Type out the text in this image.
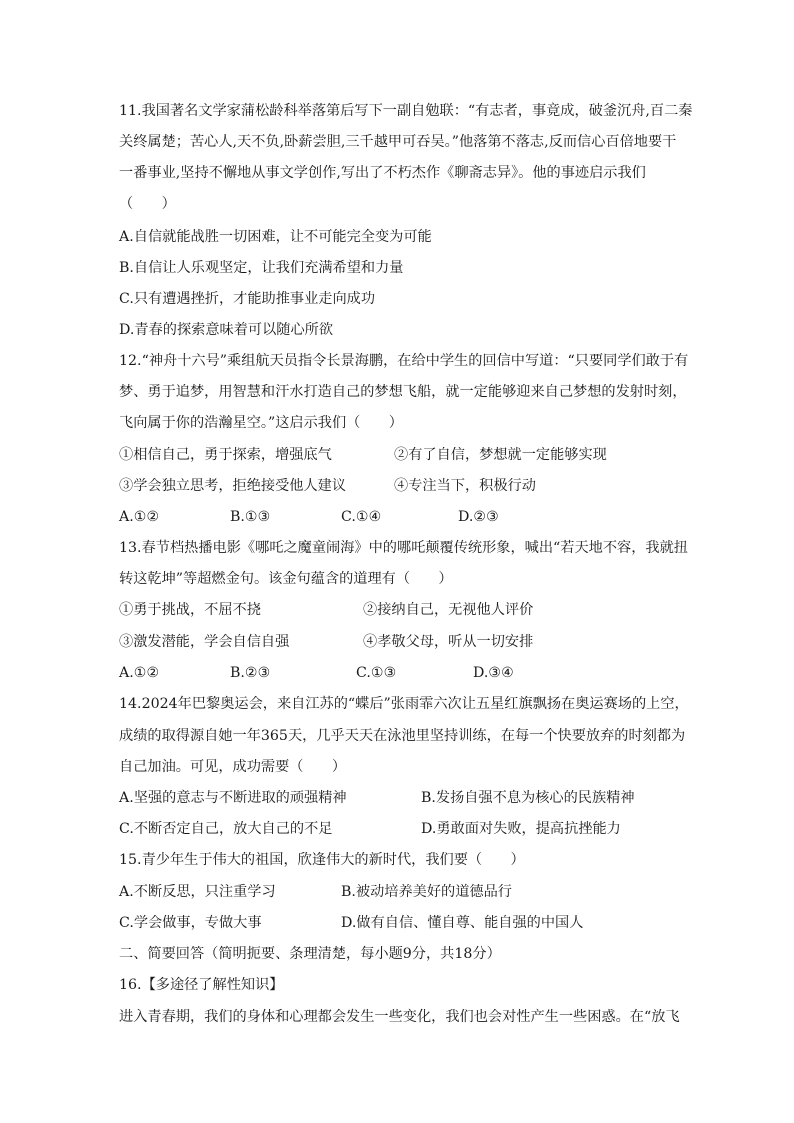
11.我国著名文学家蒲松龄科举落第后写下一副自勉联：“有志者，事竟成，破釜沉舟,百二秦
关终属楚；苦心人,天不负,卧薪尝胆,三千越甲可吞吴。”他落第不落志,反而信心百倍地要干
一番事业,坚持不懈地从事文学创作,写出了不朽杰作《聊斋志异》。他的事迹启示我们
（　　）
A.自信就能战胜一切困难，让不可能完全变为可能
B.自信让人乐观坚定，让我们充满希望和力量
C.只有遭遇挫折，才能助推事业走向成功
D.青春的探索意味着可以随心所欲
12.“神舟十六号”乘组航天员指令长景海鹏，在给中学生的回信中写道：“只要同学们敢于有
梦、勇于追梦，用智慧和汗水打造自己的梦想飞船，就一定能够迎来自己梦想的发射时刻，
飞向属于你的浩瀚星空。”这启示我们（　　）
①相信自己，勇于探索，增强底气	②有了自信，梦想就一定能够实现
③学会独立思考，拒绝接受他人建议	④专注当下，积极行动
A.①②	B.①③	C.①④	D.②③
13.春节档热播电影《哪吒之魔童闹海》中的哪吒颠覆传统形象，喊出“若天地不容，我就扭
转这乾坤”等超燃金句。该金句蕴含的道理有（　　）
①勇于挑战，不屈不挠	②接纳自己，无视他人评价
③激发潜能，学会自信自强	④孝敬父母，听从一切安排
A.①②	B.②③	C.①③	D.③④
14.2024年巴黎奥运会，来自江苏的“蝶后”张雨霏六次让五星红旗飘扬在奥运赛场的上空，
成绩的取得源自她一年365天，几乎天天在泳池里坚持训练，在每一个快要放弃的时刻都为
自己加油。可见，成功需要（　　）
A.坚强的意志与不断进取的顽强精神	B.发扬自强不息为核心的民族精神
C.不断否定自己，放大自己的不足	D.勇敢面对失败，提高抗挫能力
15.青少年生于伟大的祖国，欣逢伟大的新时代，我们要（　　）
A.不断反思，只注重学习	B.被动培养美好的道德品行
C.学会做事，专做大事	D.做有自信、懂自尊、能自强的中国人
二、简要回答（简明扼要、条理清楚，每小题9分，共18分）
16.【多途径了解性知识】
进入青春期，我们的身体和心理都会发生一些变化，我们也会对性产生一些困惑。在“放飞
